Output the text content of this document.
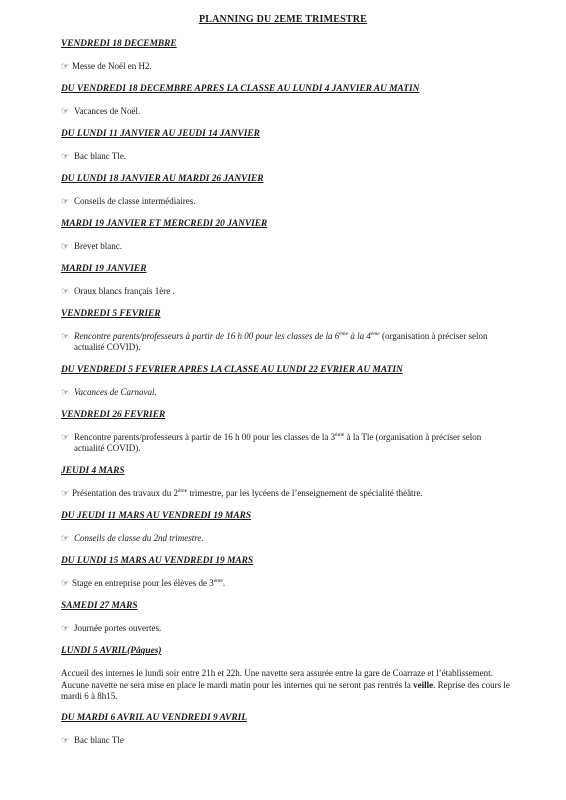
PLANNING DU 2EME TRIMESTRE
VENDREDI 18 DECEMBRE
☞ Messe de Noël en H2.
DU VENDREDI 18 DECEMBRE APRES LA CLASSE AU LUNDI 4 JANVIER AU MATIN
☞ Vacances de Noël.
DU LUNDI 11 JANVIER AU JEUDI 14 JANVIER
☞ Bac blanc Tle.
DU LUNDI 18 JANVIER AU MARDI 26 JANVIER
☞ Conseils de classe intermédiaires.
MARDI 19 JANVIER ET MERCREDI 20 JANVIER
☞ Brevet blanc.
MARDI 19 JANVIER
☞ Oraux blancs français 1ère .
VENDREDI 5 FEVRIER
☞ Rencontre parents/professeurs à partir de 16 h 00 pour les classes de la 6ème à la 4ème (organisation à préciser selon actualité COVID).
DU VENDREDI 5 FEVRIER APRES LA CLASSE AU LUNDI 22 EVRIER AU MATIN
☞ Vacances de Carnaval.
VENDREDI 26 FEVRIER
☞ Rencontre parents/professeurs à partir de 16 h 00 pour les classes de la 3ème à la Tle (organisation à préciser selon actualité COVID).
JEUDI 4 MARS
☞ Présentation des travaux du 2ème trimestre, par les lycéens de l’enseignement de spécialité théâtre.
DU JEUDI 11 MARS AU VENDREDI 19 MARS
☞ Conseils de classe du 2nd trimestre.
DU LUNDI 15 MARS AU VENDREDI 19 MARS
☞ Stage en entreprise pour les élèves de 3ème.
SAMEDI 27 MARS
☞ Journée portes ouvertes.
LUNDI 5 AVRIL(Pâques)
Accueil des internes le lundi soir entre 21h et 22h. Une navette sera assurée entre la gare de Coarraze et l’établissement. Aucune navette ne sera mise en place le mardi matin pour les internes qui ne seront pas rentrés la veille. Reprise des cours le mardi 6 à 8h15.
DU MARDI 6 AVRIL AU VENDREDI 9 AVRIL
☞ Bac blanc Tle
